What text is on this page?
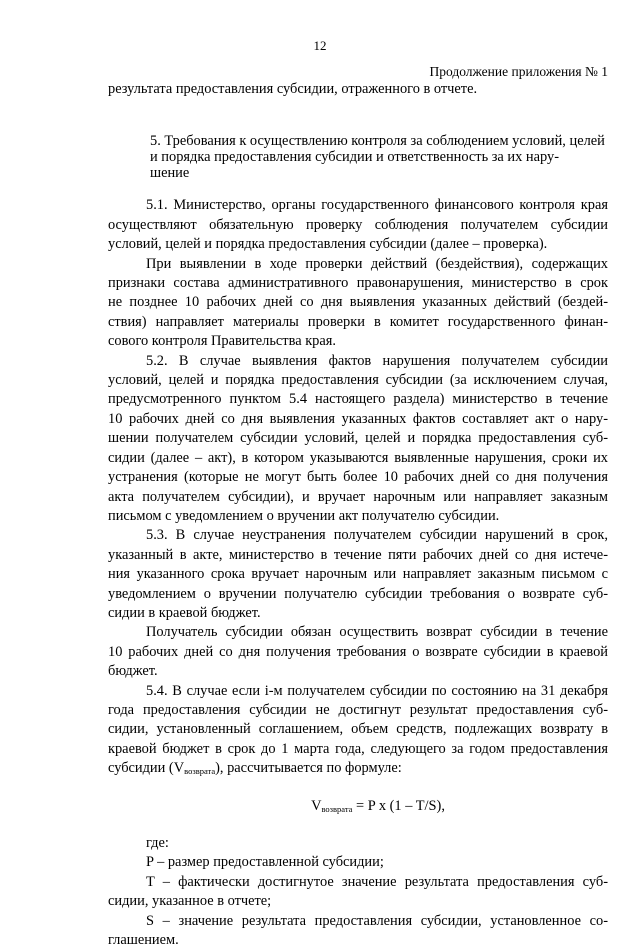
12
Продолжение приложения № 1

результата предоставления субсидии, отраженного в отчете.

5. Требования к осуществлению контроля за соблюдением условий, целей

и порядка предоставления субсидии и ответственность за их нару-

шение

5.1. Министерство, органы государственного финансового контроля края

осуществляют обязательную проверку соблюдения получателем субсидии

условий, целей и порядка предоставления субсидии (далее – проверка).

При выявлении в ходе проверки действий (бездействия), содержащих

признаки состава административного правонарушения, министерство в срок

не позднее 10 рабочих дней со дня выявления указанных действий (бездей-

ствия) направляет материалы проверки в комитет государственного финан-

сового контроля Правительства края.

5.2. В случае выявления фактов нарушения получателем субсидии

условий, целей и порядка предоставления субсидии (за исключением случая,

предусмотренного пунктом 5.4 настоящего раздела) министерство в течение

10 рабочих дней со дня выявления указанных фактов составляет акт о нару-

шении получателем субсидии условий, целей и порядка предоставления суб-

сидии (далее – акт), в котором указываются выявленные нарушения, сроки их

устранения (которые не могут быть более 10 рабочих дней со дня получения

акта получателем субсидии), и вручает нарочным или направляет заказным

письмом с уведомлением о вручении акт получателю субсидии.

5.3. В случае неустранения получателем субсидии нарушений в срок,

указанный в акте, министерство в течение пяти рабочих дней со дня истече-

ния указанного срока вручает нарочным или направляет заказным письмом с

уведомлением о вручении получателю субсидии требования о возврате суб-

сидии в краевой бюджет.

Получатель субсидии обязан осуществить возврат субсидии в течение

10 рабочих дней со дня получения требования о возврате субсидии в краевой

бюджет.

5.4. В случае если i-м получателем субсидии по состоянию на 31 декабря

года предоставления субсидии не достигнут результат предоставления суб-

сидии, установленный соглашением, объем средств, подлежащих возврату в

краевой бюджет в срок до 1 марта года, следующего за годом предоставления

субсидии $(V_{возврата})$, рассчитывается по формуле:

$V_{возврата} = P$ x (1 – T/S),

где:

P – размер предоставленной субсидии;

T – фактически достигнутое значение результата предоставления суб-

сидии, указанное в отчете;

S – значение результата предоставления субсидии, установленное со-

глашением.
